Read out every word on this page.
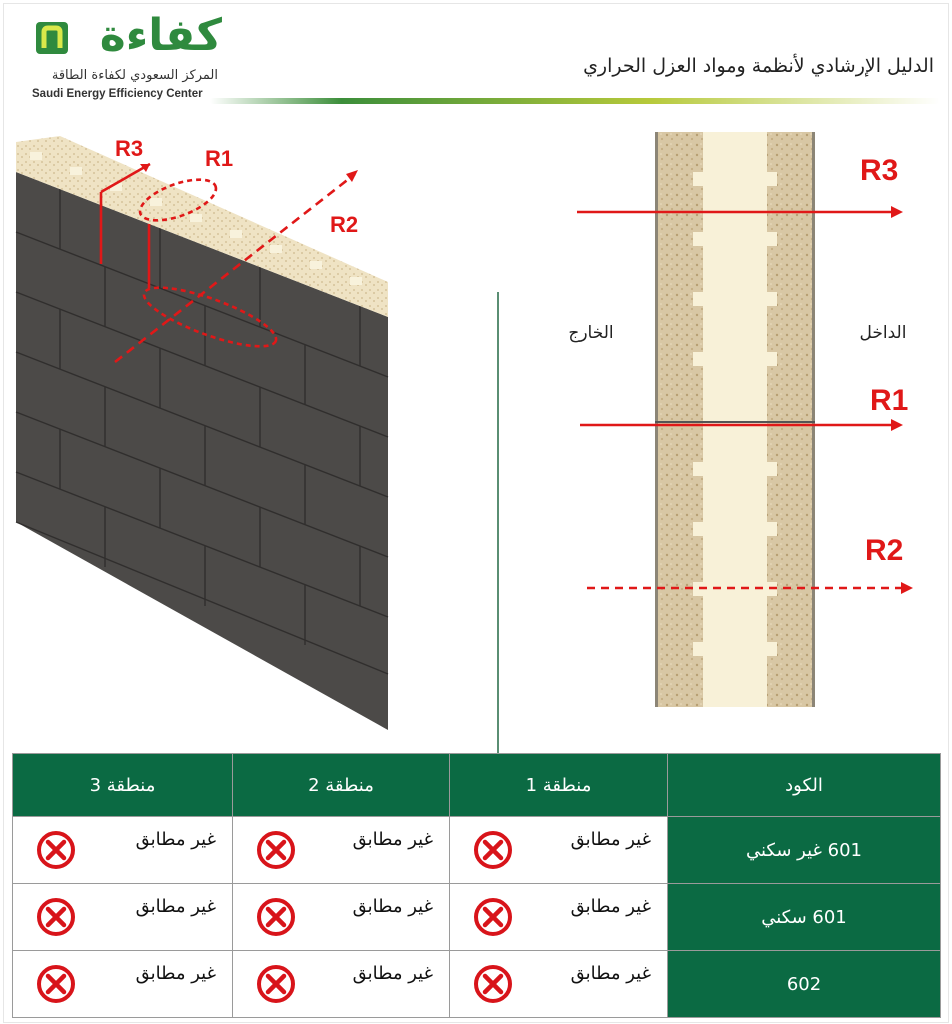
كفاءة
المركز السعودي لكفاءة الطاقة
Saudi Energy Efficiency Center
الدليل الإرشادي لأنظمة ومواد العزل الحراري
R3	R1
R2
R3
R1
R2
الخارج	الداخل
منطقة 3	منطقة 2	منطقة 1	الكود

غير مطابق	غير مطابق	غير مطابق	601 غير سكني

غير مطابق	غير مطابق	غير مطابق	601 سكني

غير مطابق	غير مطابق	غير مطابق	602
